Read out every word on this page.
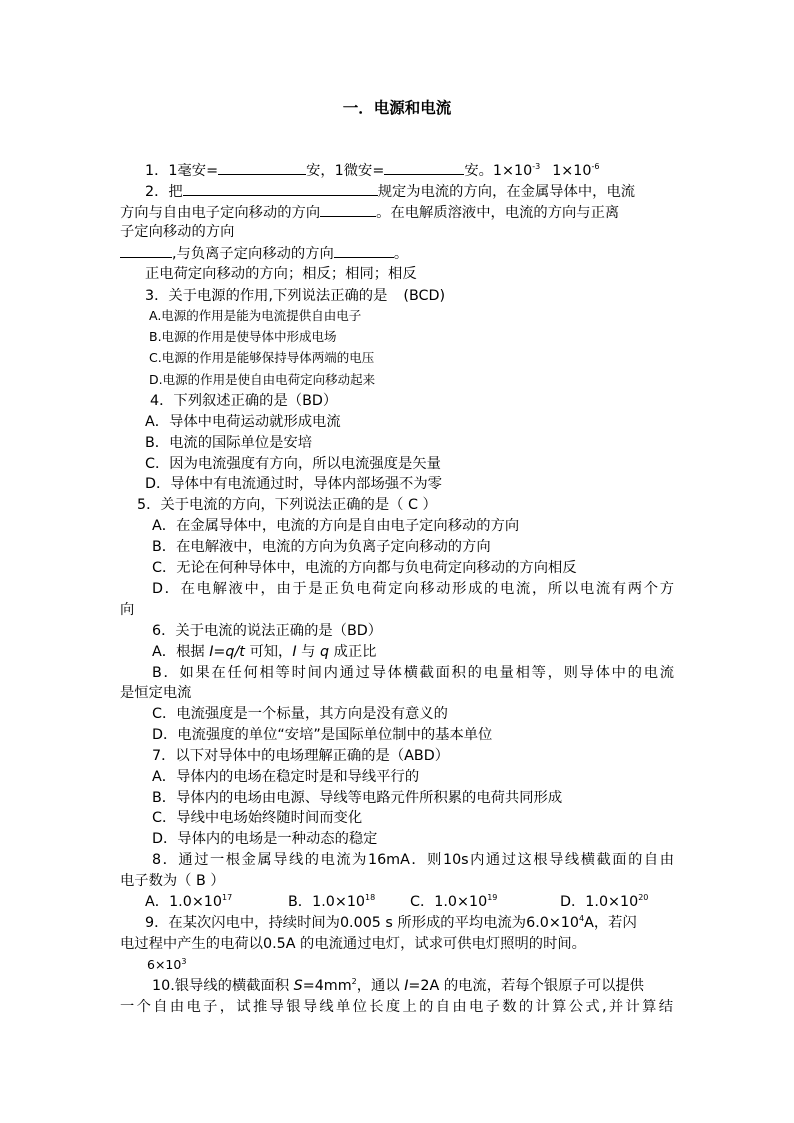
一．电源和电流
1．1毫安=	安，1微安=	安。$1\times 10^{-3}$ $1\times 10^{-6}$
2．把	规定为电流的方向，在金属导体中，电流
方向与自由电子定向移动的方向	。在电解质溶液中，电流的方向与正离
子定向移动的方向
,与负离子定向移动的方向	。
正电荷定向移动的方向；相反；相同；相反
3．关于电源的作用,下列说法正确的是 (BCD)
A.电源的作用是能为电流提供自由电子
B.电源的作用是使导体中形成电场
C.电源的作用是能够保持导体两端的电压
D.电源的作用是使自由电荷定向移动起来
4．下列叙述正确的是（BD）
A．导体中电荷运动就形成电流
B．电流的国际单位是安培
C．因为电流强度有方向，所以电流强度是矢量
D．导体中有电流通过时，导体内部场强不为零
5．关于电流的方向，下列说法正确的是（ C ）
A．在金属导体中，电流的方向是自由电子定向移动的方向
B．在电解液中，电流的方向为负离子定向移动的方向
C．无论在何种导体中，电流的方向都与负电荷定向移动的方向相反
D．在电解液中，由于是正负电荷定向移动形成的电流，所以电流有两个方
向
6．关于电流的说法正确的是（BD）
A．根据 I=q/t 可知，I 与 q 成正比
B．如果在任何相等时间内通过导体横截面积的电量相等，则导体中的电流
是恒定电流
C．电流强度是一个标量，其方向是没有意义的
D．电流强度的单位“安培”是国际单位制中的基本单位
7．以下对导体中的电场理解正确的是（ABD）
A．导体内的电场在稳定时是和导线平行的
B．导体内的电场由电源、导线等电路元件所积累的电荷共同形成
C．导线中电场始终随时间而变化
D．导体内的电场是一种动态的稳定
8．通过一根金属导线的电流为16mA．则10s内通过这根导线横截面的自由
电子数为（ B ）
A．$1.0\times 10^{17}$	B．$1.0\times 10^{18}$ C．$1.0\times 10^{19}$	D．$1.0\times 10^{20}$
9．在某次闪电中，持续时间为0.005 s 所形成的平均电流为$6.0\times 10^4A$，若闪
电过程中产生的电荷以0.5A 的电流通过电灯，试求可供电灯照明的时间。
$6\times 10^3$
10.银导线的横截面积 $S=4mm^2$，通以 I=2A 的电流，若每个银原子可以提供
一个自由电子，试推导银导线单位长度上的自由电子数的计算公式,并计算结
